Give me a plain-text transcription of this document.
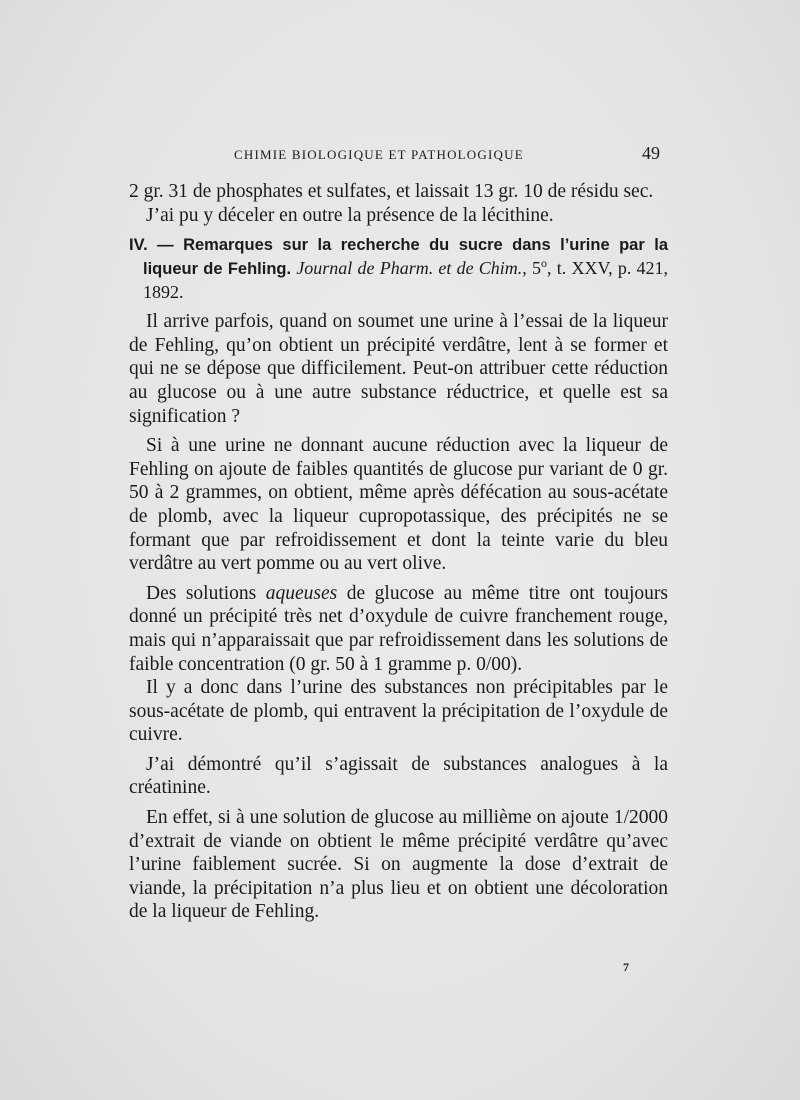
CHIMIE BIOLOGIQUE ET PATHOLOGIQUE	49

2 gr. 31 de phosphates et sulfates, et laissait 13 gr. 10 de résidu sec.

J’ai pu y déceler en outre la présence de la lécithine.

IV. — Remarques sur la recherche du sucre dans l’urine par la liqueur de Fehling. Journal de Pharm. et de Chim., 5$^o$, t. XXV, p. 421, 1892.

Il arrive parfois, quand on soumet une urine à l’essai de la liqueur de Fehling, qu’on obtient un précipité verdâtre, lent à se former et qui ne se dépose que difficilement. Peut-on attribuer cette réduction au glucose ou à une autre substance réductrice, et quelle est sa signification ?

Si à une urine ne donnant aucune réduction avec la liqueur de Fehling on ajoute de faibles quantités de glucose pur variant de 0 gr. 50 à 2 grammes, on obtient, même après défécation au sous-acétate de plomb, avec la liqueur cupropotassique, des précipités ne se formant que par refroidissement et dont la teinte varie du bleu verdâtre au vert pomme ou au vert olive.

Des solutions aqueuses de glucose au même titre ont toujours donné un précipité très net d’oxydule de cuivre franchement rouge, mais qui n’apparaissait que par refroidissement dans les solutions de faible concentration (0 gr. 50 à 1 gramme p. 0/00).

Il y a donc dans l’urine des substances non précipitables par le sous-acétate de plomb, qui entravent la précipitation de l’oxydule de cuivre.

J’ai démontré qu’il s’agissait de substances analogues à la créatinine.

En effet, si à une solution de glucose au millième on ajoute 1/2000 d’extrait de viande on obtient le même précipité verdâtre qu’avec l’urine faiblement sucrée. Si on augmente la dose d’extrait de viande, la précipitation n’a plus lieu et on obtient une décoloration de la liqueur de Fehling.

7
